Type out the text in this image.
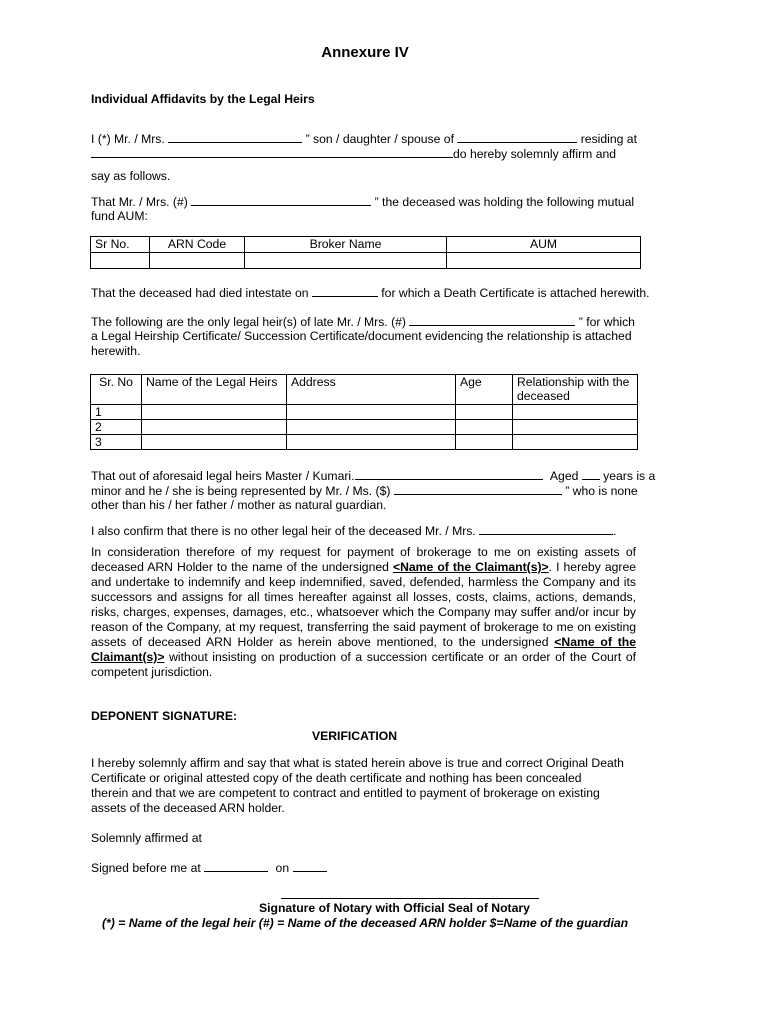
Annexure IV
Individual Affidavits by the Legal Heirs
I (*) Mr. / Mrs.	” son / daughter / spouse of	residing at
do hereby solemnly affirm and
say as follows.
That Mr. / Mrs. (#)	” the deceased was holding the following mutual
fund AUM:
Sr No.	ARN Code	Broker Name	AUM

That the deceased had died intestate on	for which a Death Certificate is attached herewith.
The following are the only legal heir(s) of late Mr. / Mrs. (#)	” for which
a Legal Heirship Certificate/ Succession Certificate/document evidencing the relationship is attached
herewith.
Sr. No	Name of the Legal Heirs	Address	Age	Relationship with the deceased
1				
2				
3				
That out of aforesaid legal heirs Master / Kumari.	Aged years is a
minor and he / she is being represented by Mr. / Ms. ($)	” who is none
other than his / her father / mother as natural guardian.
I also confirm that there is no other legal heir of the deceased Mr. / Mrs.	.
In consideration therefore of my request for payment of brokerage to me on existing assets of deceased ARN Holder to the name of the undersigned <Name of the Claimant(s)>. I hereby agree and undertake to indemnify and keep indemnified, saved, defended, harmless the Company and its successors and assigns for all times hereafter against all losses, costs, claims, actions, demands, risks, charges, expenses, damages, etc., whatsoever which the Company may suffer and/or incur by reason of the Company, at my request, transferring the said payment of brokerage to me on existing assets of deceased ARN Holder as herein above mentioned, to the undersigned <Name of the Claimant(s)> without insisting on production of a succession certificate or an order of the Court of competent jurisdiction.
DEPONENT SIGNATURE:
VERIFICATION
I hereby solemnly affirm and say that what is stated herein above is true and correct Original Death
Certificate or original attested copy of the death certificate and nothing has been concealed
therein and that we are competent to contract and entitled to payment of brokerage on existing
assets of the deceased ARN holder.
Solemnly affirmed at
Signed before me at	on
Signature of Notary with Official Seal of Notary
(*) = Name of the legal heir (#) = Name of the deceased ARN holder $=Name of the guardian
